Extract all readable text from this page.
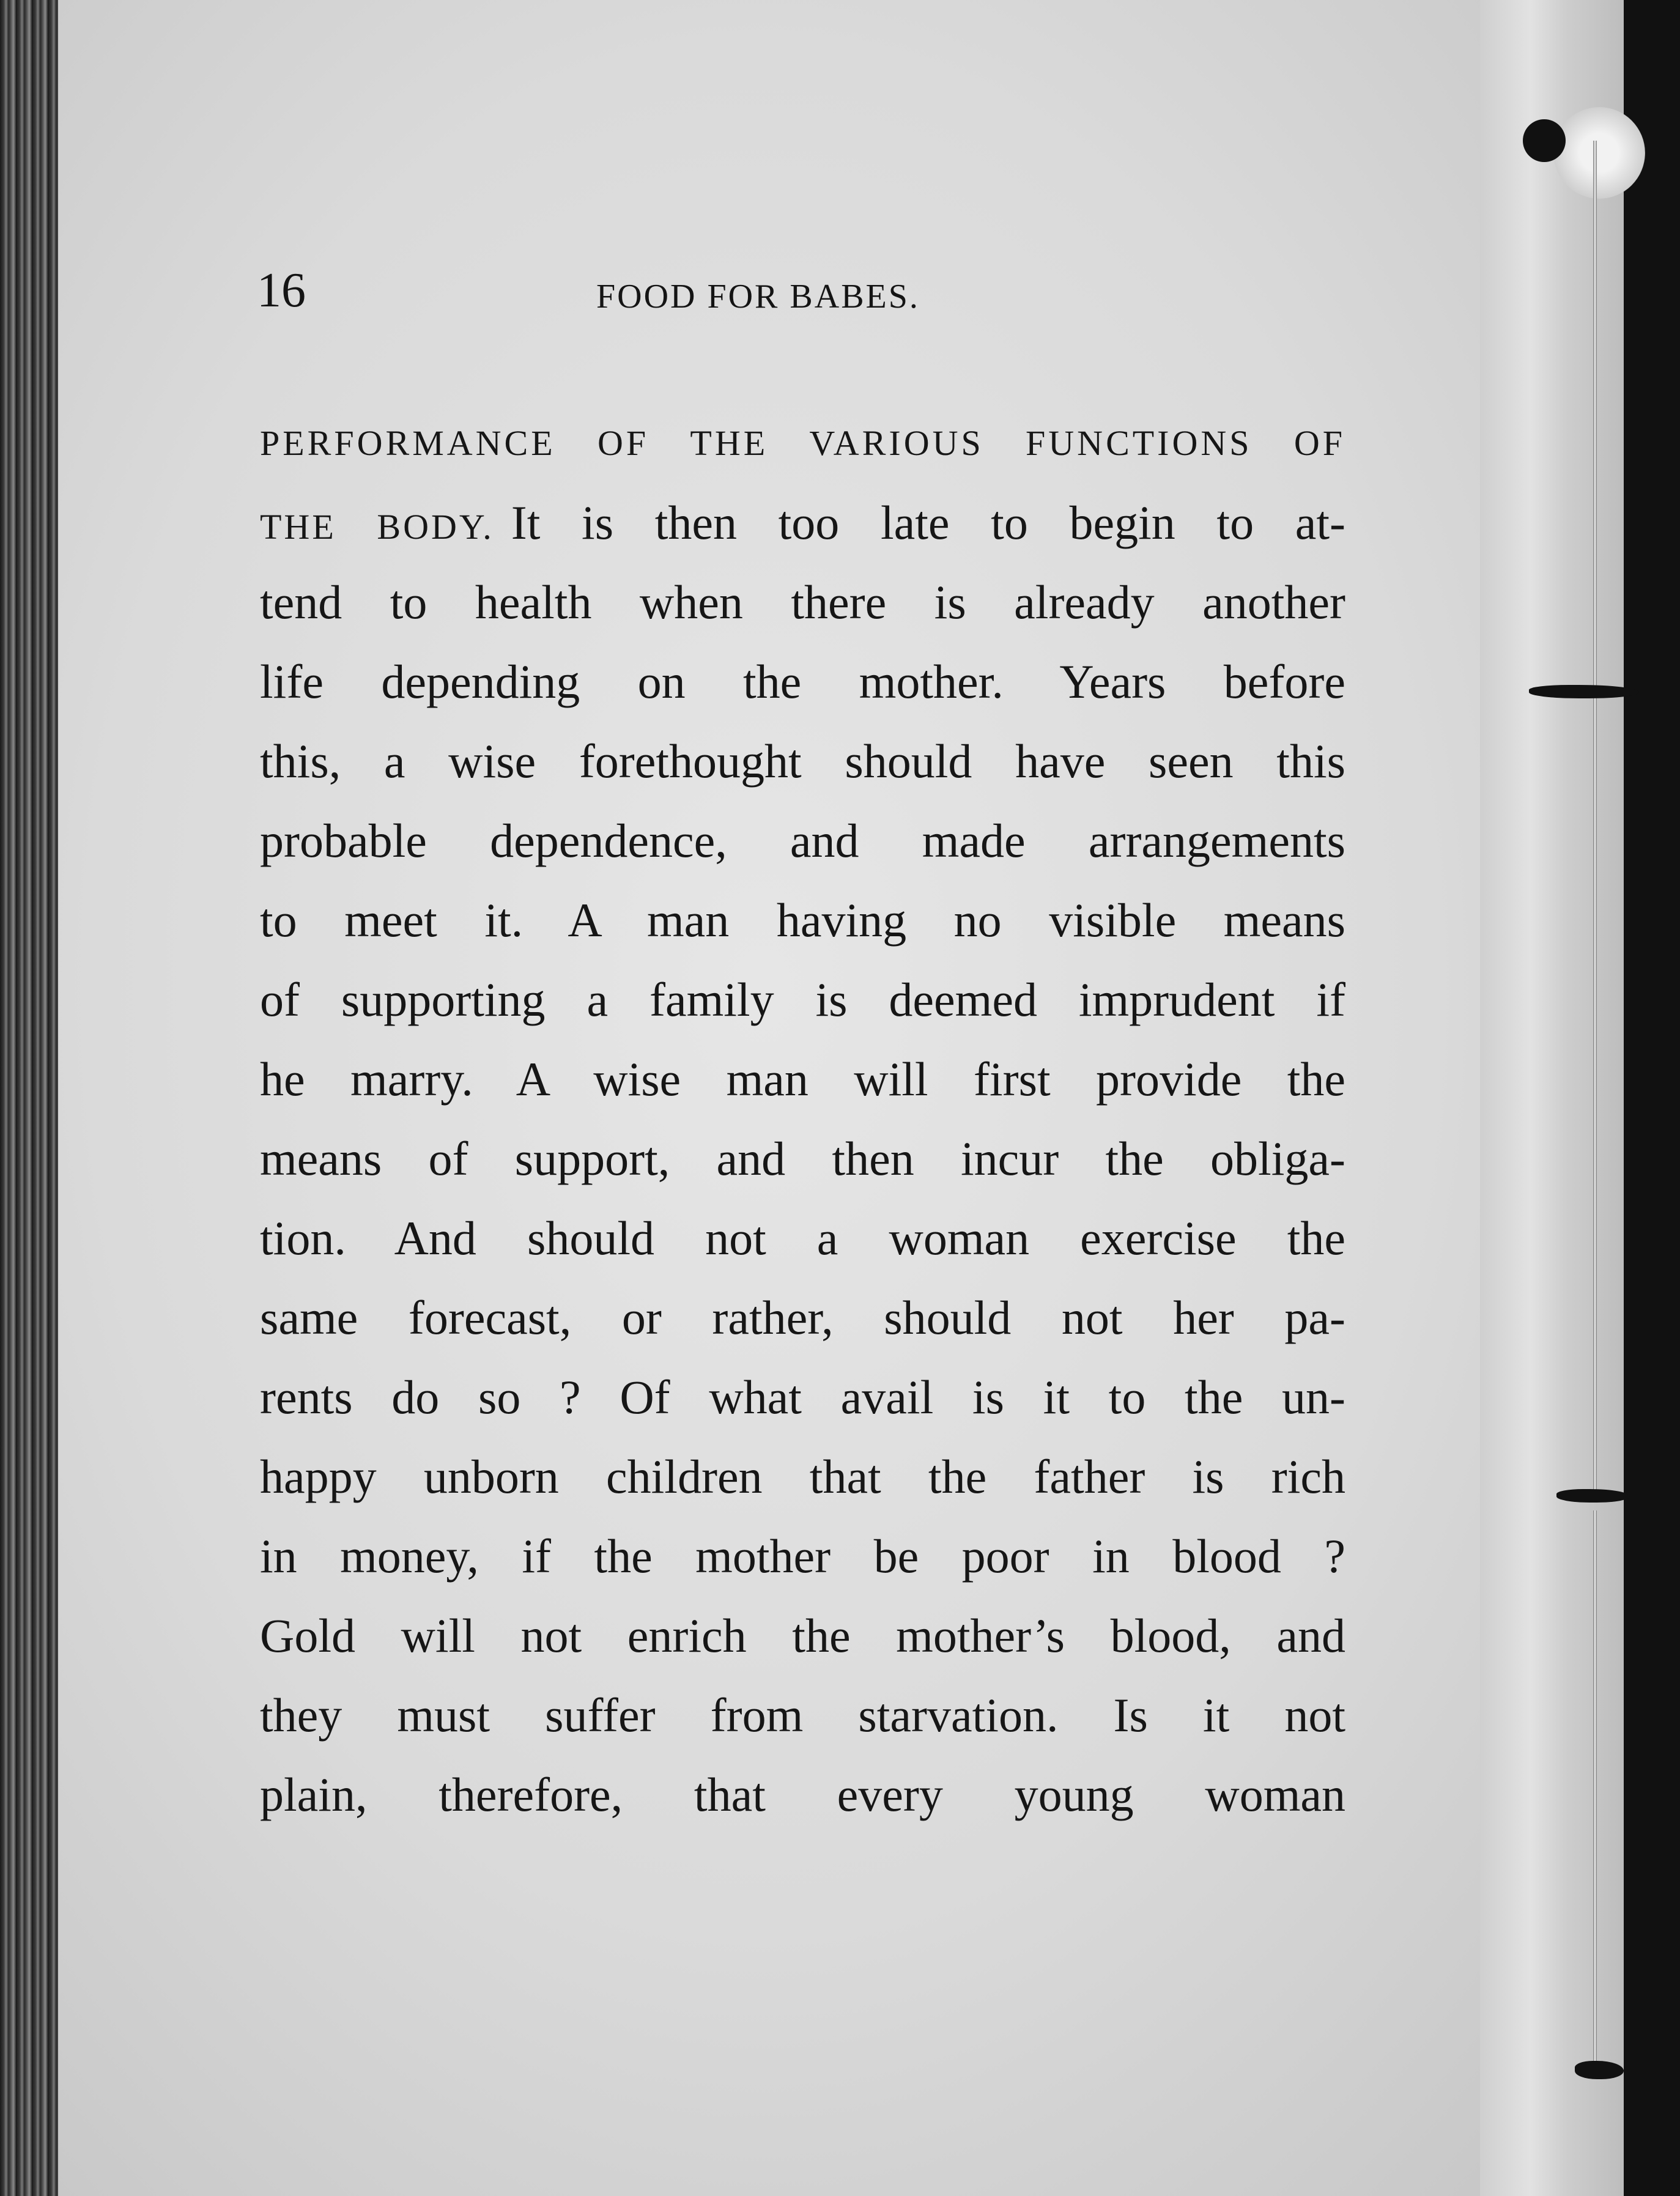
16	FOOD FOR BABES.
PERFORMANCE OF THE VARIOUS FUNCTIONS OF
THE BODY. It is then too late to begin to at-
tend to health when there is already another
life depending on the mother. Years before
this, a wise forethought should have seen this
probable dependence, and made arrangements
to meet it. A man having no visible means
of supporting a family is deemed imprudent if
he marry. A wise man will first provide the
means of support, and then incur the obliga-
tion. And should not a woman exercise the
same forecast, or rather, should not her pa-
rents do so ? Of what avail is it to the un-
happy unborn children that the father is rich
in money, if the mother be poor in blood ?
Gold will not enrich the mother’s blood, and
they must suffer from starvation. Is it not
plain, therefore, that every young woman
